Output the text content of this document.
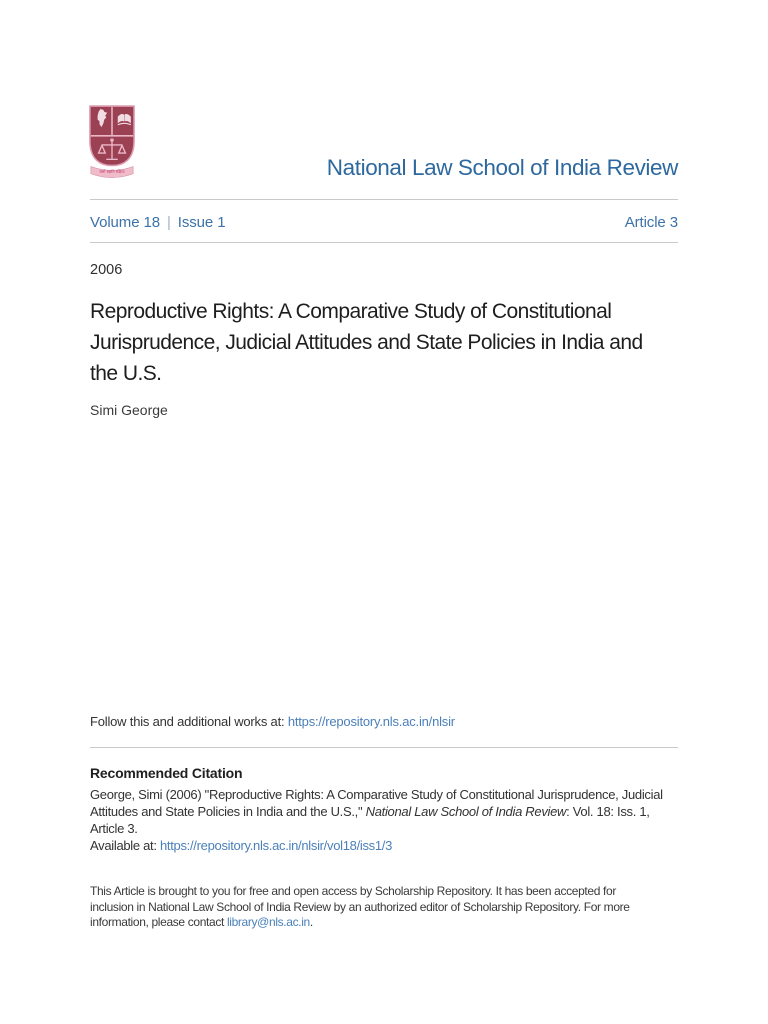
धर्मो रक्षति रक्षितः	National Law School of India Review
Volume 18 | Issue 1	Article 3
2006
Reproductive Rights: A Comparative Study of Constitutional
Jurisprudence, Judicial Attitudes and State Policies in India and
the U.S.
Simi George
Follow this and additional works at: https://repository.nls.ac.in/nlsir
Recommended Citation
George, Simi (2006) "Reproductive Rights: A Comparative Study of Constitutional Jurisprudence, Judicial
Attitudes and State Policies in India and the U.S.," National Law School of India Review: Vol. 18: Iss. 1,
Article 3.
Available at: https://repository.nls.ac.in/nlsir/vol18/iss1/3
This Article is brought to you for free and open access by Scholarship Repository. It has been accepted for
inclusion in National Law School of India Review by an authorized editor of Scholarship Repository. For more
information, please contact library@nls.ac.in.
